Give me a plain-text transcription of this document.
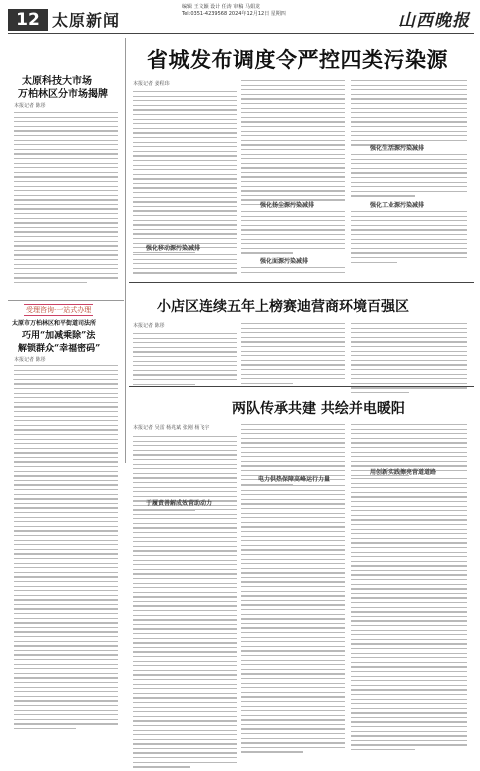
12 太原新闻
编辑 王文颖 设计 任涛 审稿 马娟龙
Tel:0351-4239568 2024年12月12日 星期四	山西晚报
太原科技大市场
万柏林区分市场揭牌
本报记者 陈彤
受理咨询·一站式办理
太原市万柏林区和平街道司法所
巧用“加减乘除”法
解锁群众“幸福密码”
本报记者 陈彤
省城发布调度令严控四类污染源
本报记者 姜程玮
强化移动源污染减排
强化扬尘源污染减排
强化面源污染减排
强化生活源污染减排
强化工业源污染减排
小店区连续五年上榜赛迪营商环境百强区
本报记者 陈彤
两队传承共建 共绘并电暖阳
本报记者 吴雷 杨兆斌 张刚 杨飞宇
于履责善解成效营助动力
电力供热保障高峰运行力量
用创新实践擦亮营道道路
